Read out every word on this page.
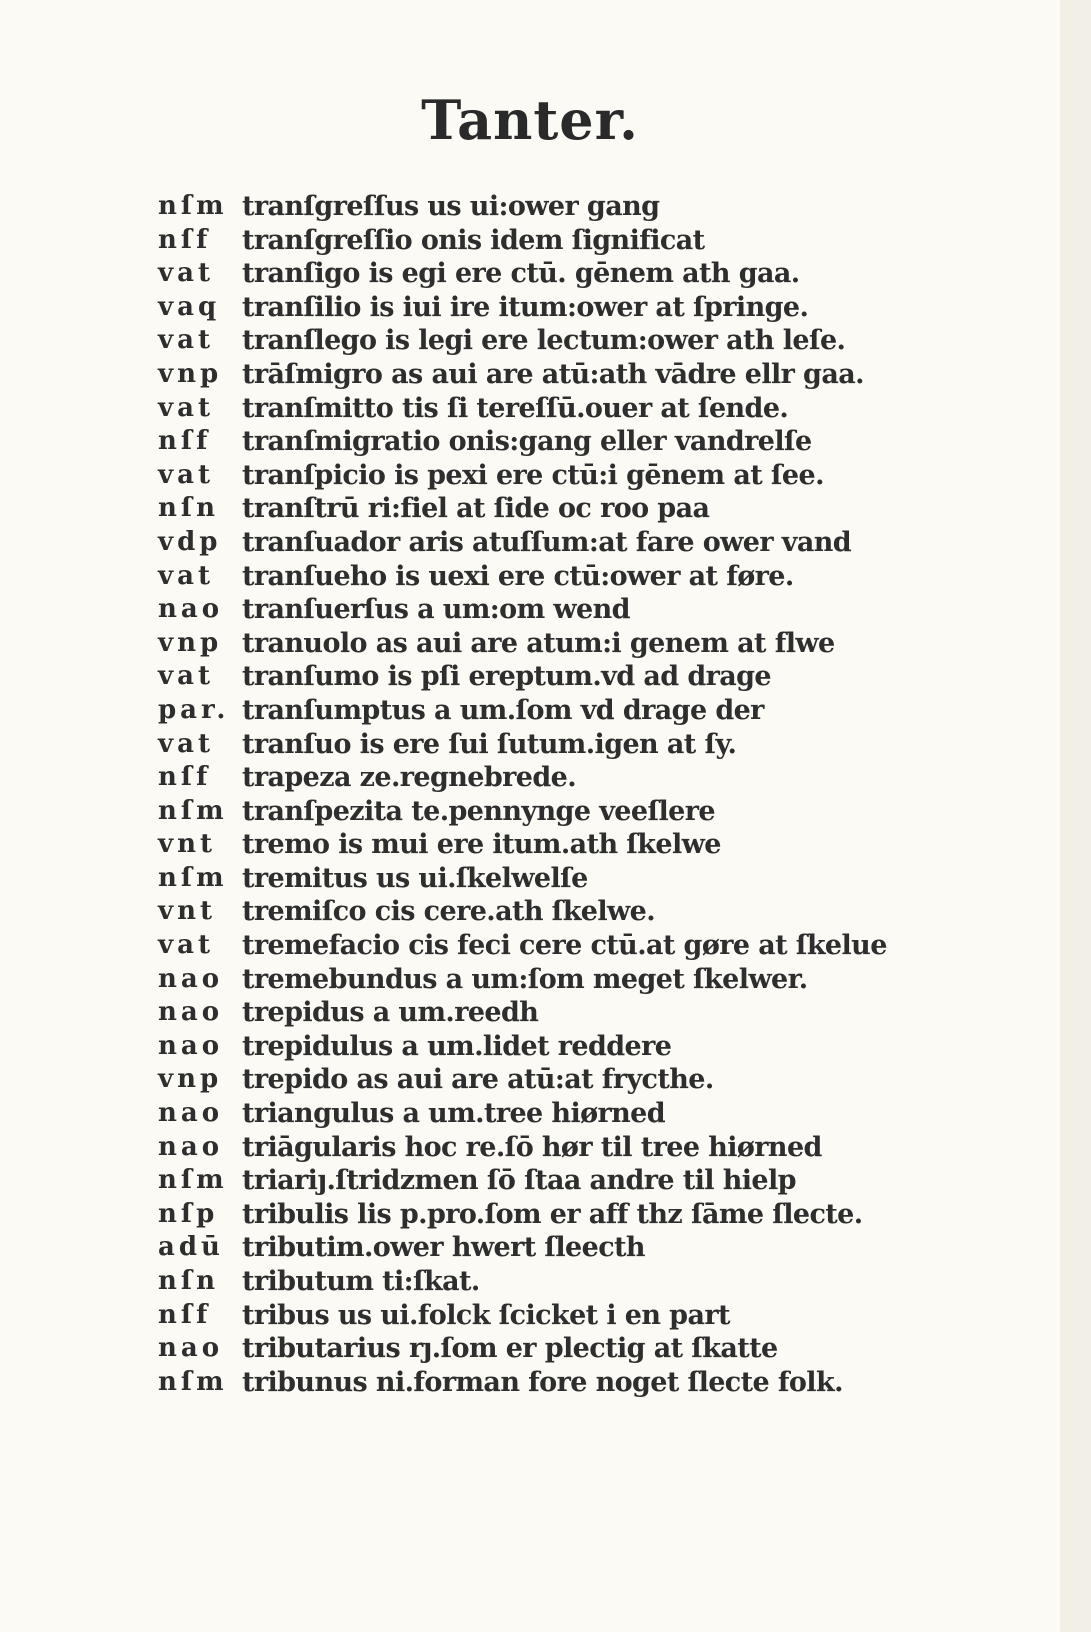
Tanter.
nſm tranſgreſſus us ui:ower gang
nſf	tranſgreſſio onis idem ſignificat
vat	tranſigo is egi ere ctū. gēnem ath gaa.
vaq tranſilio is iui ire itum:ower at ſpringe.
vat	tranſlego is legi ere lectum:ower ath leſe.
vnp trāſmigro as aui are atū:ath vādre ellr gaa.
vat	tranſmitto tis ſi tereſſū.ouer at ſende.
nſf	tranſmigratio onis:gang eller vandrelſe
vat	tranſpicio is pexi ere ctū:i gēnem at ſee.
nſn tranſtrū ri:fiel at ſide oc roo paa
vdp tranſuador aris atuſſum:at fare ower vand
vat	tranſueho is uexi ere ctū:ower at føre.
nao tranſuerſus a um:om wend
vnp tranuolo as aui are atum:i genem at flwe
vat	tranſumo is pſi ereptum.vd ad drage
par. tranſumptus a um.ſom vd drage der
vat	tranſuo is ere ſui ſutum.igen at ſy.
nſf	trapeza ze.regnebrede.
nſm tranſpezita te.pennynge veeſlere
vnt tremo is mui ere itum.ath ſkelwe
nſm tremitus us ui.ſkelwelſe
vnt tremiſco cis cere.ath ſkelwe.
vat	tremefacio cis feci cere ctū.at gøre at ſkelue
nao tremebundus a um:ſom meget ſkelwer.
nao trepidus a um.reedh
nao trepidulus a um.lidet reddere
vnp trepido as aui are atū:at frycthe.
nao triangulus a um.tree hiørned
nao triāgularis hoc re.ſō hør til tree hiørned
nſm triariȷ.ſtridzmen ſō ſtaa andre til hielp
nſp tribulis lis p.pro.ſom er aff thz ſāme ſlecte.
adū tributim.ower hwert ſleecth
nſn tributum ti:ſkat.
nſf	tribus us ui.folck ſcicket i en part
nao tributarius rȷ.ſom er plectig at ſkatte
nſm tribunus ni.forman fore noget ſlecte folk.
